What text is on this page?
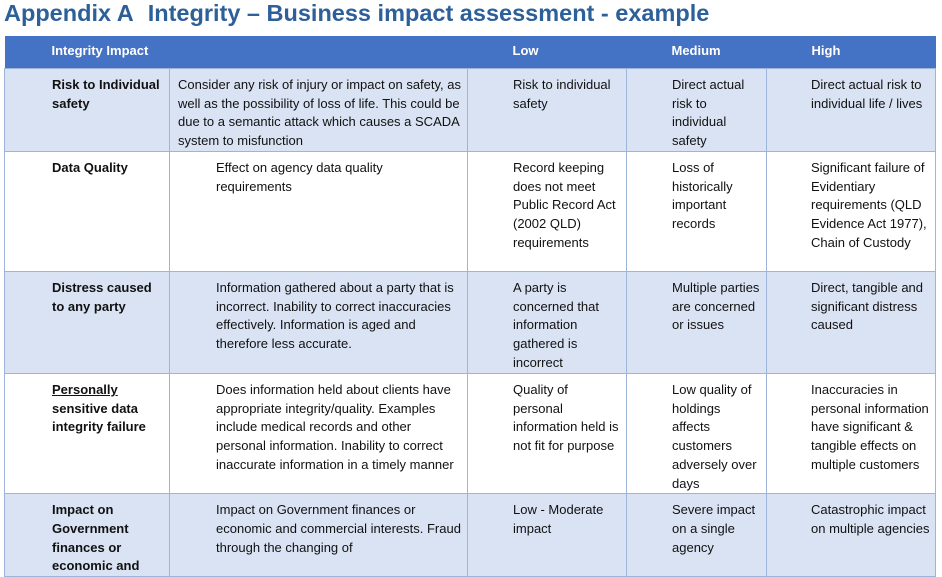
Appendix A Integrity – Business impact assessment - example
Integrity Impact		Low	Medium	High
Risk to Individual safety	Consider any risk of injury or impact on safety, as well as the possibility of loss of life. This could be due to a semantic attack which causes a SCADA system to misfunction	Risk to individual safety	Direct actual risk to individual safety	Direct actual risk to individual life / lives
Data Quality	Effect on agency data quality requirements	Record keeping does not meet Public Record Act (2002 QLD) requirements	Loss of historically important records	Significant failure of Evidentiary requirements (QLD Evidence Act 1977), Chain of Custody
Distress caused to any party	Information gathered about a party that is incorrect. Inability to correct inaccuracies effectively. Information is aged and therefore less accurate.	A party is concerned that information gathered is incorrect	Multiple parties are concerned or issues	Direct, tangible and significant distress caused
Personally sensitive data integrity failure	Does information held about clients have appropriate integrity/quality. Examples include medical records and other personal information. Inability to correct inaccurate information in a timely manner	Quality of personal information held is not fit for purpose	Low quality of holdings affects customers adversely over days	Inaccuracies in personal information have significant & tangible effects on multiple customers
Impact on Government finances or economic and	Impact on Government finances or economic and commercial interests. Fraud through the changing of	Low - Moderate impact	Severe impact on a single agency	Catastrophic impact on multiple agencies
